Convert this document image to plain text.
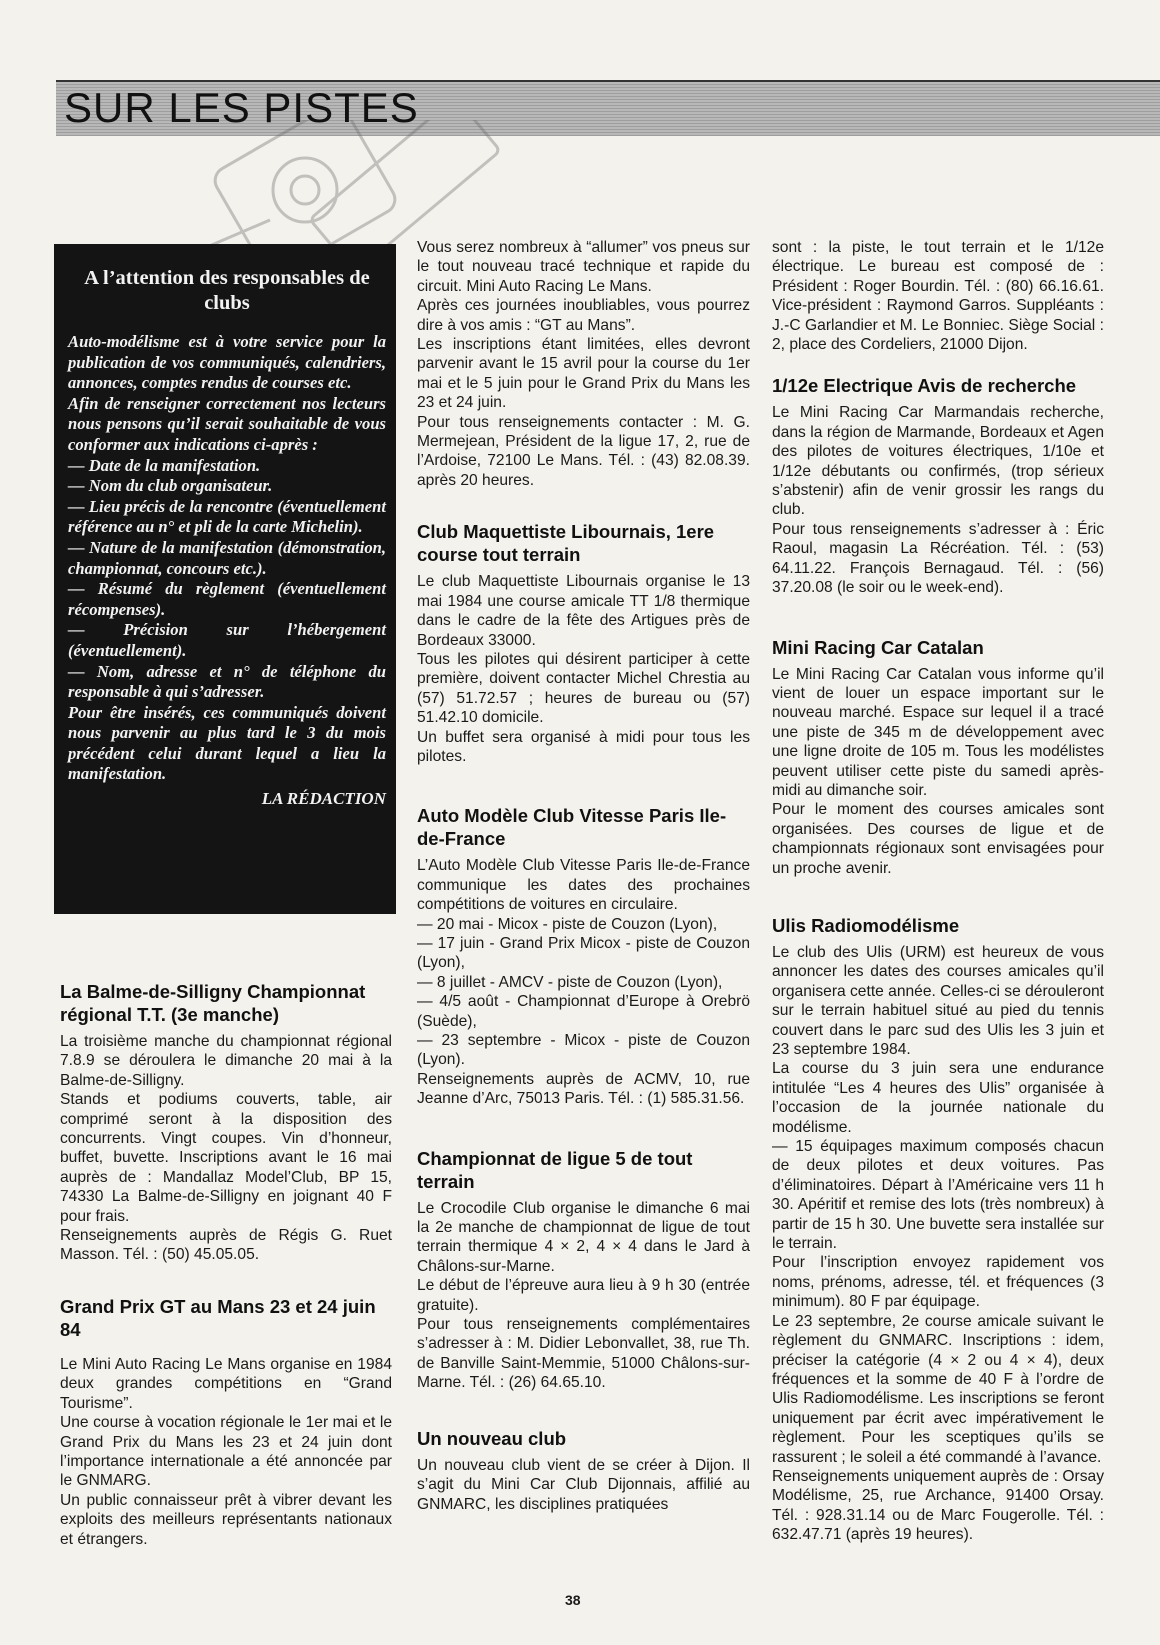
SUR LES PISTES
A l’attention des responsables de clubs

Auto-modélisme est à votre service pour la publication de vos communiqués, calendriers, annonces, comptes rendus de courses etc.

Afin de renseigner correctement nos lecteurs nous pensons qu’il serait souhaitable de vous conformer aux indications ci-après :

— Date de la manifestation.

— Nom du club organisateur.

— Lieu précis de la rencontre (éventuellement référence au n° et pli de la carte Michelin).

— Nature de la manifestation (démonstration, championnat, concours etc.).

— Résumé du règlement (éventuellement récompenses).

— Précision sur l’hébergement (éventuellement).

— Nom, adresse et n° de téléphone du responsable à qui s’adresser.

Pour être insérés, ces communiqués doivent nous parvenir au plus tard le 3 du mois précédent celui durant lequel a lieu la manifestation.

LA RÉDACTION
La Balme-de-Silligny Championnat régional T.T. (3e manche)

La troisième manche du championnat régional 7.8.9 se déroulera le dimanche 20 mai à la Balme-de-Silligny.

Stands et podiums couverts, table, air comprimé seront à la disposition des concurrents. Vingt coupes. Vin d’honneur, buffet, buvette. Inscriptions avant le 16 mai auprès de : Mandallaz Model’Club, BP 15, 74330 La Balme-de-Silligny en joignant 40 F pour frais.

Renseignements auprès de Régis G. Ruet Masson. Tél. : (50) 45.05.05.

Grand Prix GT au Mans 23 et 24 juin 84

Le Mini Auto Racing Le Mans organise en 1984 deux grandes compétitions en “Grand Tourisme”.

Une course à vocation régionale le 1er mai et le Grand Prix du Mans les 23 et 24 juin dont l’importance internationale a été annoncée par le GNMARG.

Un public connaisseur prêt à vibrer devant les exploits des meilleurs représentants nationaux et étrangers.

Vous serez nombreux à “allumer” vos pneus sur le tout nouveau tracé technique et rapide du circuit. Mini Auto Racing Le Mans.

Après ces journées inoubliables, vous pourrez dire à vos amis : “GT au Mans”.

Les inscriptions étant limitées, elles devront parvenir avant le 15 avril pour la course du 1er mai et le 5 juin pour le Grand Prix du Mans les 23 et 24 juin.

Pour tous renseignements contacter : M. G. Mermejean, Président de la ligue 17, 2, rue de l’Ardoise, 72100 Le Mans. Tél. : (43) 82.08.39. après 20 heures.

Club Maquettiste Libournais, 1ere course tout terrain

Le club Maquettiste Libournais organise le 13 mai 1984 une course amicale TT 1/8 thermique dans le cadre de la fête des Artigues près de Bordeaux 33000.

Tous les pilotes qui désirent participer à cette première, doivent contacter Michel Chrestia au (57) 51.72.57 ; heures de bureau ou (57) 51.42.10 domicile.

Un buffet sera organisé à midi pour tous les pilotes.

Auto Modèle Club Vitesse Paris Ile-de-France

L’Auto Modèle Club Vitesse Paris Ile-de-France communique les dates des prochaines compétitions de voitures en circulaire.

— 20 mai - Micox - piste de Couzon (Lyon),

— 17 juin - Grand Prix Micox - piste de Couzon (Lyon),

— 8 juillet - AMCV - piste de Couzon (Lyon),

— 4/5 août - Championnat d’Europe à Orebrö (Suède),

— 23 septembre - Micox - piste de Couzon (Lyon).

Renseignements auprès de ACMV, 10, rue Jeanne d’Arc, 75013 Paris. Tél. : (1) 585.31.56.

Championnat de ligue 5 de tout terrain

Le Crocodile Club organise le dimanche 6 mai la 2e manche de championnat de ligue de tout terrain thermique 4 × 2, 4 × 4 dans le Jard à Châlons-sur-Marne.

Le début de l’épreuve aura lieu à 9 h 30 (entrée gratuite).

Pour tous renseignements complémentaires s’adresser à : M. Didier Lebonvallet, 38, rue Th. de Banville Saint-Memmie, 51000 Châlons-sur-Marne. Tél. : (26) 64.65.10.

Un nouveau club

Un nouveau club vient de se créer à Dijon. Il s’agit du Mini Car Club Dijonnais, affilié au GNMARC, les disciplines pratiquées

sont : la piste, le tout terrain et le 1/12e électrique. Le bureau est composé de : Président : Roger Bourdin. Tél. : (80) 66.16.61. Vice-président : Raymond Garros. Suppléants : J.-C Garlandier et M. Le Bonniec. Siège Social : 2, place des Cordeliers, 21000 Dijon.

1/12e Electrique Avis de recherche

Le Mini Racing Car Marmandais recherche, dans la région de Marmande, Bordeaux et Agen des pilotes de voitures électriques, 1/10e et 1/12e débutants ou confirmés, (trop sérieux s’abstenir) afin de venir grossir les rangs du club.

Pour tous renseignements s’adresser à : Éric Raoul, magasin La Récréation. Tél. : (53) 64.11.22. François Bernagaud. Tél. : (56) 37.20.08 (le soir ou le week-end).

Mini Racing Car Catalan

Le Mini Racing Car Catalan vous informe qu’il vient de louer un espace important sur le nouveau marché. Espace sur lequel il a tracé une piste de 345 m de développement avec une ligne droite de 105 m. Tous les modélistes peuvent utiliser cette piste du samedi après-midi au dimanche soir.

Pour le moment des courses amicales sont organisées. Des courses de ligue et de championnats régionaux sont envisagées pour un proche avenir.

Ulis Radiomodélisme

Le club des Ulis (URM) est heureux de vous annoncer les dates des courses amicales qu’il organisera cette année. Celles-ci se dérouleront sur le terrain habituel situé au pied du tennis couvert dans le parc sud des Ulis les 3 juin et 23 septembre 1984.

La course du 3 juin sera une endurance intitulée “Les 4 heures des Ulis” organisée à l’occasion de la journée nationale du modélisme.

— 15 équipages maximum composés chacun de deux pilotes et deux voitures. Pas d’éliminatoires. Départ à l’Américaine vers 11 h 30. Apéritif et remise des lots (très nombreux) à partir de 15 h 30. Une buvette sera installée sur le terrain.

Pour l’inscription envoyez rapidement vos noms, prénoms, adresse, tél. et fréquences (3 minimum). 80 F par équipage.

Le 23 septembre, 2e course amicale suivant le règlement du GNMARC. Inscriptions : idem, préciser la catégorie (4 × 2 ou 4 × 4), deux fréquences et la somme de 40 F à l’ordre de Ulis Radiomodélisme. Les inscriptions se feront uniquement par écrit avec impérativement le règlement. Pour les sceptiques qu’ils se rassurent ; le soleil a été commandé à l’avance.

Renseignements uniquement auprès de : Orsay Modélisme, 25, rue Archance, 91400 Orsay. Tél. : 928.31.14 ou de Marc Fougerolle. Tél. : 632.47.71 (après 19 heures).

38
